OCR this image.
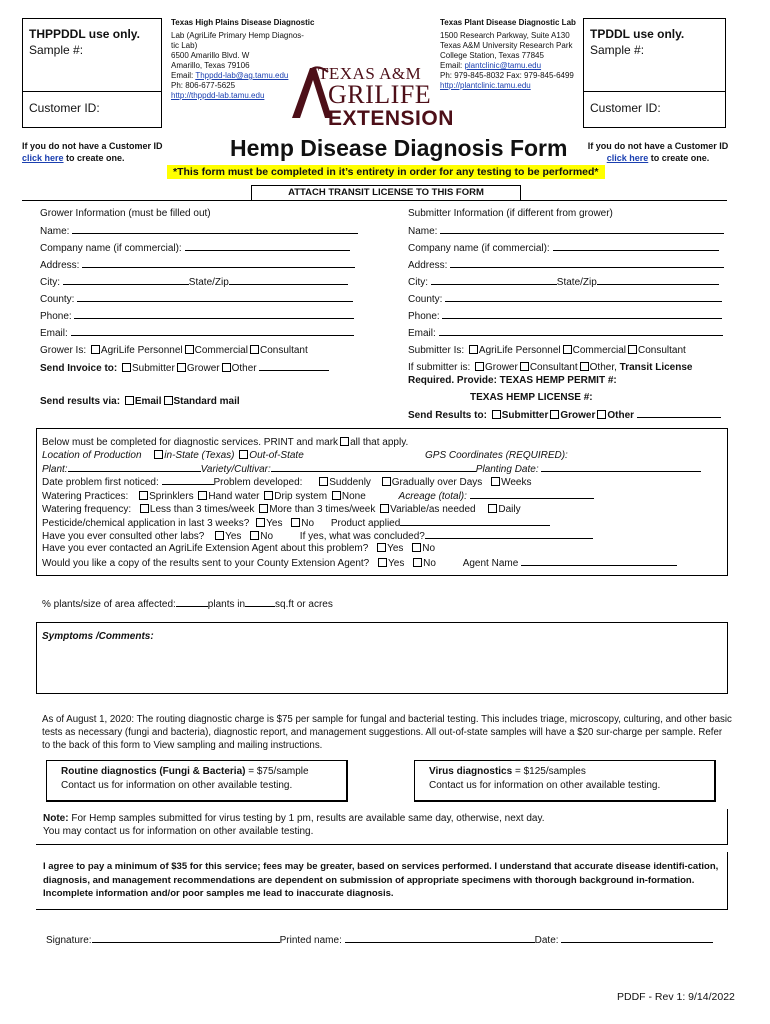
THPPDDL use only.
Sample #:
Customer ID:
If you do not have a Customer ID
click here to create one.
Texas High Plains Disease Diagnostic
Lab (AgriLife Primary Hemp Diagnos-
tic Lab)
6500 Amarillo Blvd. W
Amarillo, Texas 79106
Email: Thppdd-lab@ag.tamu.edu
Ph: 806-677-5625
http://thppdd-lab.tamu.edu
TEXAS A&M
GRILIFE
EXTENSION
Texas Plant Disease Diagnostic Lab
1500 Research Parkway, Suite A130
Texas A&M University Research Park
College Station, Texas 77845
Email: plantclinic@tamu.edu
Ph: 979-845-8032 Fax: 979-845-6499
http://plantclinic.tamu.edu
TPDDL use only.
Sample #:
Customer ID:
If you do not have a Customer ID click here to create one.
Hemp Disease Diagnosis Form
*This form must be completed in it’s entirety in order for any testing to be performed*
ATTACH TRANSIT LICENSE TO THIS FORM
Grower Information (must be filled out)
Name:
Company name (if commercial):
Address:
City:	State/Zip
County:
Phone:
Email:
Grower Is: AgriLife Personnel Commercial Consultant
Send Invoice to: Submitter Grower Other
Send results via: Email Standard mail
Submitter Information (if different from grower)
Name:
Company name (if commercial):
Address:
City:	State/Zip
County:
Phone:
Email:
Submitter Is: AgriLife Personnel Commercial Consultant
If submitter is: Grower Consultant Other, Transit License
Required. Provide: TEXAS HEMP PERMIT #:
TEXAS HEMP LICENSE #:
Send Results to: Submitter Grower Other
Below must be completed for diagnostic services. PRINT and mark all that apply.
Location of Production in-State (Texas) Out-of-State	GPS Coordinates (REQUIRED):
Plant:	Variety/Cultivar:	Planting Date:
Date problem first noticed:	Problem developed:	Suddenly Gradually over Days Weeks
Watering Practices: Sprinklers Hand water Drip system None	Acreage (total):
Watering frequency: Less than 3 times/week More than 3 times/week Variable/as needed Daily
Pesticide/chemical application in last 3 weeks? Yes No Product applied
Have you ever consulted other labs? Yes No	If yes, what was concluded?
Have you ever contacted an AgriLife Extension Agent about this problem? Yes No
Would you like a copy of the results sent to your County Extension Agent? Yes No	Agent Name
% plants/size of area affected:	plants in	sq.ft or acres
Symptoms /Comments:
As of August 1, 2020: The routing diagnostic charge is $75 per sample for fungal and bacterial testing. This includes triage, microscopy, culturing, and other basic tests as necessary (fungi and bacteria), diagnostic report, and management suggestions. All out-of-state samples will have a $20 sur-charge per sample. Refer to the back of this form to View sampling and mailing instructions.
Routine diagnostics (Fungi & Bacteria) = $75/sample
Contact us for information on other available testing.
Virus diagnostics = $125/samples
Contact us for information on other available testing.
Note: For Hemp samples submitted for virus testing by 1 pm, results are available same day, otherwise, next day.
You may contact us for information on other available testing.
I agree to pay a minimum of $35 for this service; fees may be greater, based on services performed. I understand that accurate disease identifi-cation, diagnosis, and management recommendations are dependent on submission of appropriate specimens with thorough background in-formation. Incomplete information and/or poor samples me lead to inaccurate diagnosis.
Signature:	Printed name:	Date:
PDDF - Rev 1: 9/14/2022
